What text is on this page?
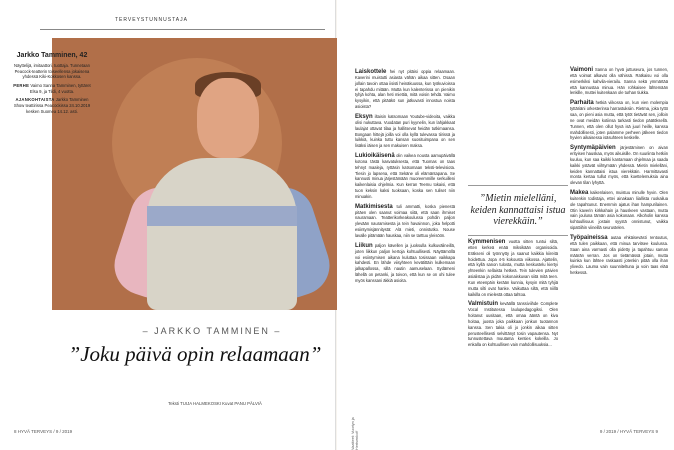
TERVEYSTUNNUSTAJA
Jarkko Tamminen, 42

Näyttelijä, imitaattori, tuottaja. Tunnetaan Peacock-teatterin toiseellensa jokaisena yhdessä Kiki-Kokkosen kanssa.

PERHE Vaimo Sanna Tamminen, tyttäret Elsa 9, ja Tildi, 4 vuotta.

AJANKOHTAISTA Jarkko Tamminen Show teattirissa Peacockissa 24.10.2019 kesken Suomea 14.12. asti.

– JARKKO TAMMINEN –
”Joku päivä opin relaamaan”
Teksti TUIJA HALMEKOSKI Kuvat PANU PÄLVIÄ
8 HYVÄ TERVEYS / 9 / 2019	9 / 2019 / HYVÄ TERVEYS 9
Vaatteet: Vuoriyn ja Hertsenkoff

Laiskottele hei nyt pitäisi oppia relaamaan. Kaverini muistutti asiasta vähän aikaa sitten. Osaan jollain tavoin ottaa iisisti heinäkuussa, kun työkuvioissa ei tapahdu mitään. Mutta kun kalenterissa on pienikin tyhjä kohta, alan heti miettiä, mitä voisin tehdä. Vaimo kysyikin, että pitääkö sun jatkuvasti innostua noista asioista?

Eksyn iltaisin katsomaan Youtube-videoita, vaikka olisi nukuttava. Vuodatan puri kyynelin, kun lahjakkaat laulajat ottavat tilaa ja hallitsevat heidän tutkimaansa. Bongaan hittejä joilla voi olla kyllä tulevassa tiirissä ja luikkiä, kuinka tuttu kansan suosituimpana on sen lisäksi iäisen ja sen makuisen maksa.

Lukioikäisenä olin vaikea nousta aamupäivällä kotona tästä kasvatuksesta, että Tuomas on taas tehnyt maaleja, ryttäsin katsomaan teksti-televisiota. Tiesin jo lapsena, että Sekäne oli elämäntapana. Se kannusti minua järjestämään muoreemmille serkuilleni kaikenlaisia ohjelmia. Kun kerran Teemu tokaisi, että tuon keksin kaksi tuoksaan, koska sen tuliset niin minuakin.

Matkimisesta tuli ammatti, koska pienestä pitäen olen saanut voimaa siitä, että saan ihmiset nauramaan. Teatterikorkeakoulussa pohdin paljon ylevään nauramisesta ja tein havainnon, joka helpotti esiintymisjännitystä: Alä mieti, onnistutko. Nouse lavalle pitämään hauskaa, niin se tarttuu yleisöön.

Liikun paljon kävellen ja juoksulla kulkuvälineillä, joten liikkun paljon kertoja kohtuullisesti. Näyttämöllä voi esiintymisen aikana kuluttaa tosissaan vaikkapa kahdesti. En lähde viisyhteen kevätittäin kulkemaan jalkapallossa, sillä nautin aamuselaan. Sydämeni lähellä on petanki, ja toivon, että kun se on ohi tulee myös kanssani äkkiä asioita.

”Mietin mielelläni, keiden kannattaisi istua vierekkäin.”

Kymmenisen vuotta sitten tuntui siltä, etten kerkeä enää miksikään organisoida. Eräkseni oli työnnytty ja saanut kaikkia kiireitä hoidettua. Jopa 4-5 kokousta viikossa. Ajattelin, että kyllä sanon tulosta, mutta keskustelu kiertyi yhteenkin sellaista hetkeä. Tein tulevien päivien asialistaa ja pidän kokonaiskuvan siitä mitä teen. Kun eteenpäin kerään kunnia, kysyin mitä tyhjiä mutta silti ovat hanke. Vaikuttaa siltä, että niillä kaikilla on mielestä ottaa tahtoa.

Valmistuin keväällä tanssiviihde Complete Vocal Institutessa laulupedagogiksi. Olen hoitanut uusitaan, että omaa ääntä on kiva hoitaa, juosta joka paikkaan jonkun tuotannon kanssa. Sen takia oli jo jonkin aikaa sitten perusteellisesti selvittänyt tosin vapautensa. Nyt tunnustettava muutama kenties kokeilla. Jo enkalla on kohtuullisen vain mahdollisuuksia...

Vaimoni Sanna on hyvä juttuseura, jos tunnen, että voimat alkavat olla vähissä. Ratkaisu voi olla esimerkiksi kahvila-vierailu. Sanna sekä ymmärtää että kannustaa minua. Hän rohkaisee lähtemään lenkille, muttei kuitenkaan ole turhan tiukka.

Parhaita hetkiä viikossa on, kun vien molempia tyttäriäni orkesterinsa harrastuksiin. Rietma, joka tyttö saa, on pieni asia mutta, että tytöt tietävät sen, jolloin ne ovat meidän kotiinsa tarkasti tiedon päätöksellä. Tunnen, että olen ollut hyvä isä juuri heille, kanssa mahdollisesti, joten palamme perheen jälkeen tiedon hyvien aikaisessa isäsuhteen keskelle.

Syntymäpäivien järjestäminen on aivan erityisen hauskaa, myös aikuisille. On suuriinta hetkiin kuuluu, kun saa kaikki kantamaan ohjelmaa ja saada kaikki ystävät viihtymään yhdessä. Mietin mielelläni, keiden kannattaisi istua vierekkäin. Harmittavasti monta kertaa tullut myös, että koettelemuksia aina olevan tilan lyhyttä.

Makea kaikenlaisen, muistuu minulle hyvin. Olen kuitenkin todistaja, ettei ainakaan liiallista ruokailua ole tapahtunut. Enemmin ajatus ihan hampurilainen. Otin kaverin kirkkahain ja hauskeen vastaan, mutta vain jouluna tämän asia kokonaan. Alkoholin kanssa kohtuullisuus jostain syystä onnistunut, vaikka sipattiihin viineillä seurustelen.

Työpaineissa autaa ehkäisevästi rentoutus, että tulen paikkaan, että minua tarvitsee koulussa. Saan aina varmasti olla pidetty ja tapahtuu saman määrän verran. Jos on tietämässä jotain, mutta kuinka kun lähtee raskaasti jotenkin pitää olla ihan ylivedo. Lauma vain suunniteltuna ja voin taas elää hetkessä.
